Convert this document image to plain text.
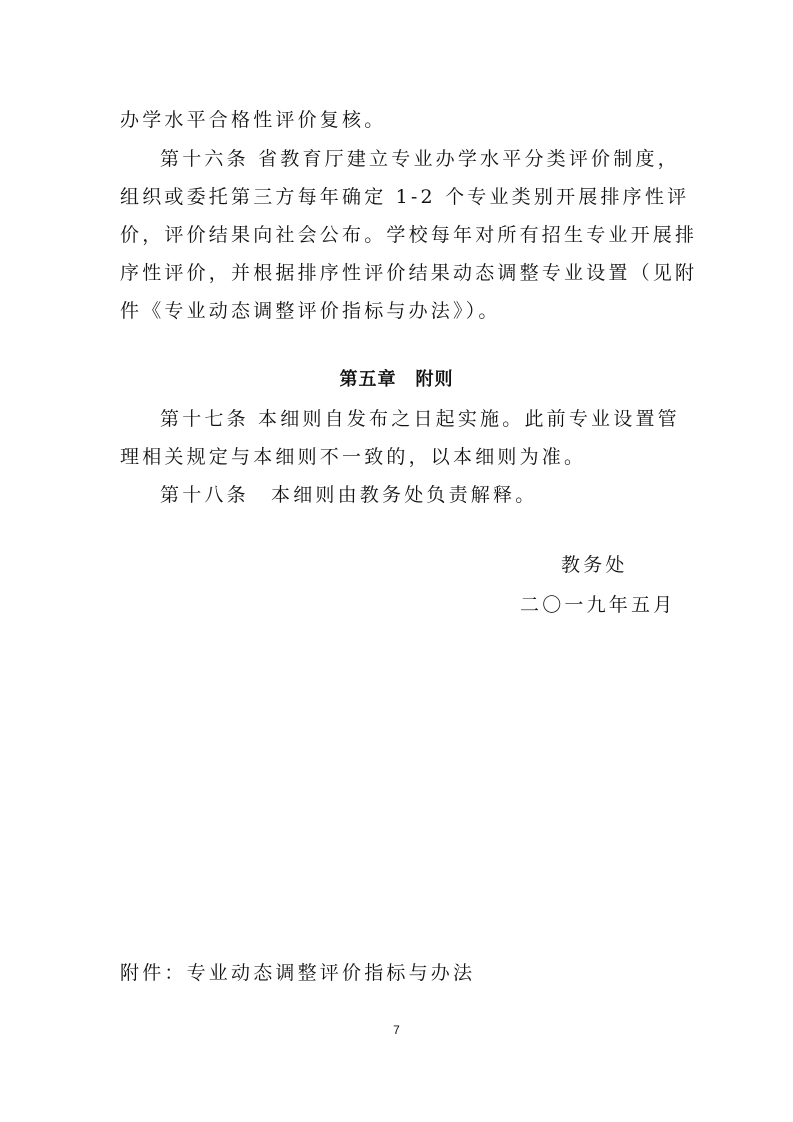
办学水平合格性评价复核。
第十六条 省教育厅建立专业办学水平分类评价制度，
组织或委托第三方每年确定 1-2 个专业类别开展排序性评
价，评价结果向社会公布。学校每年对所有招生专业开展排
序性评价，并根据排序性评价结果动态调整专业设置（见附
件《专业动态调整评价指标与办法》）。
第五章　附则
第十七条 本细则自发布之日起实施。此前专业设置管
理相关规定与本细则不一致的，以本细则为准。
第十八条　本细则由教务处负责解释。
教务处
二〇一九年五月
附件：专业动态调整评价指标与办法
7
